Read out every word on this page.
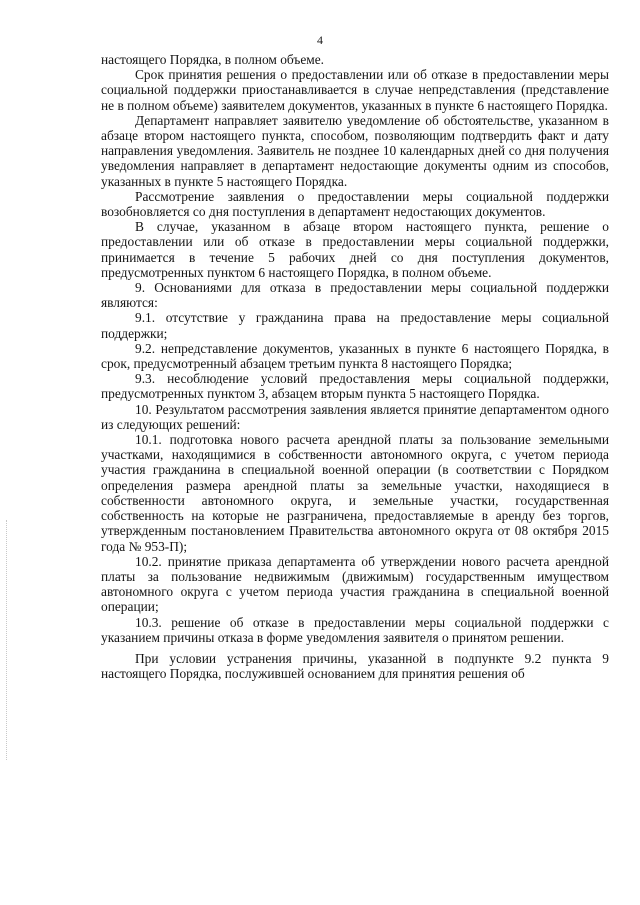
4

настоящего Порядка, в полном объеме.

Срок принятия решения о предоставлении или об отказе в предоставлении меры социальной поддержки приостанавливается в случае непредставления (представление не в полном объеме) заявителем документов, указанных в пункте 6 настоящего Порядка.

Департамент направляет заявителю уведомление об обстоятельстве, указанном в абзаце втором настоящего пункта, способом, позволяющим подтвердить факт и дату направления уведомления. Заявитель не позднее 10 календарных дней со дня получения уведомления направляет в департамент недостающие документы одним из способов, указанных в пункте 5 настоящего Порядка.

Рассмотрение заявления о предоставлении меры социальной поддержки возобновляется со дня поступления в департамент недостающих документов.

В случае, указанном в абзаце втором настоящего пункта, решение о предоставлении или об отказе в предоставлении меры социальной поддержки, принимается в течение 5 рабочих дней со дня поступления документов, предусмотренных пунктом 6 настоящего Порядка, в полном объеме.

9. Основаниями для отказа в предоставлении меры социальной поддержки являются:

9.1. отсутствие у гражданина права на предоставление меры социальной поддержки;

9.2. непредставление документов, указанных в пункте 6 настоящего Порядка, в срок, предусмотренный абзацем третьим пункта 8 настоящего Порядка;

9.3. несоблюдение условий предоставления меры социальной поддержки, предусмотренных пунктом 3, абзацем вторым пункта 5 настоящего Порядка.

10. Результатом рассмотрения заявления является принятие департаментом одного из следующих решений:

10.1. подготовка нового расчета арендной платы за пользование земельными участками, находящимися в собственности автономного округа, с учетом периода участия гражданина в специальной военной операции (в соответствии с Порядком определения размера арендной платы за земельные участки, находящиеся в собственности автономного округа, и земельные участки, государственная собственность на которые не разграничена, предоставляемые в аренду без торгов, утвержденным постановлением Правительства автономного округа от 08 октября 2015 года № 953-П);

10.2. принятие приказа департамента об утверждении нового расчета арендной платы за пользование недвижимым (движимым) государственным имуществом автономного округа с учетом периода участия гражданина в специальной военной операции;

10.3. решение об отказе в предоставлении меры социальной поддержки с указанием причины отказа в форме уведомления заявителя о принятом решении.

При условии устранения причины, указанной в подпункте 9.2 пункта 9 настоящего Порядка, послужившей основанием для принятия решения об
